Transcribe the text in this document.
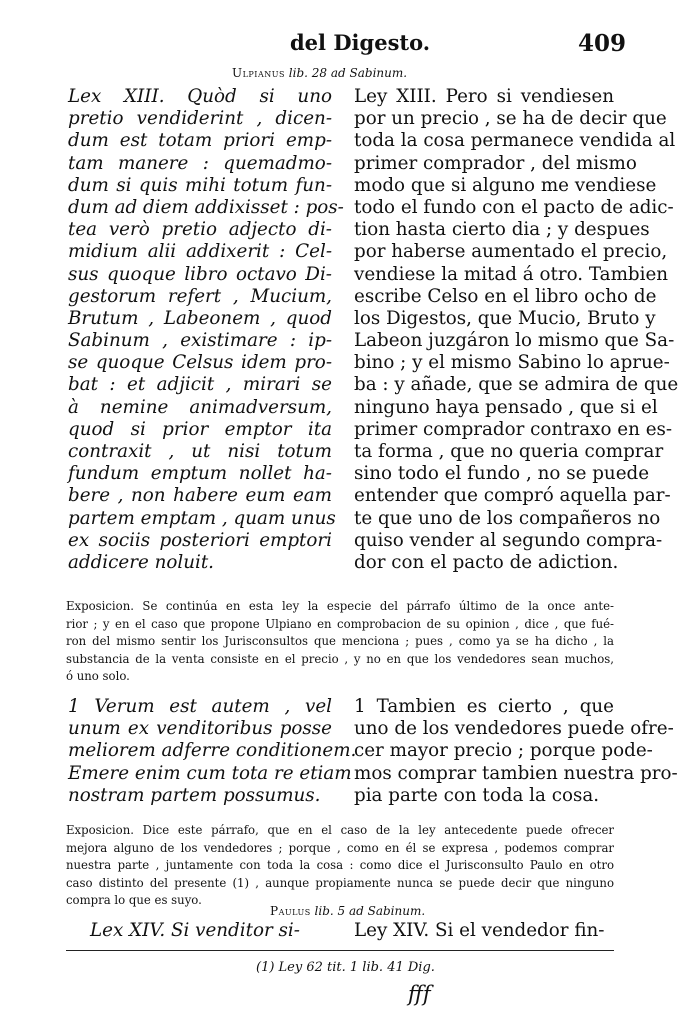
del Digesto.	409
Ulpianus lib. 28 ad Sabinum.
Lex XIII. Quòd si uno
pretio vendiderint , dicen-
dum est totam priori emp-
tam manere : quemadmo-
dum si quis mihi totum fun-
dum ad diem addixisset : pos-
tea verò pretio adjecto di-
midium alii addixerit : Cel-
sus quoque libro octavo Di-
gestorum refert , Mucium,
Brutum , Labeonem , quod
Sabinum , existimare : ip-
se quoque Celsus idem pro-
bat : et adjicit , mirari se
à nemine animadversum,
quod si prior emptor ita
contraxit , ut nisi totum
fundum emptum nollet ha-
bere , non habere eum eam
partem emptam , quam unus
ex sociis posteriori emptori
addicere noluit.
Ley XIII. Pero si vendiesen
por un precio , se ha de decir que
toda la cosa permanece vendida al
primer comprador , del mismo
modo que si alguno me vendiese
todo el fundo con el pacto de adic-
tion hasta cierto dia ; y despues
por haberse aumentado el precio,
vendiese la mitad á otro. Tambien
escribe Celso en el libro ocho de
los Digestos, que Mucio, Bruto y
Labeon juzgáron lo mismo que Sa-
bino ; y el mismo Sabino lo aprue-
ba : y añade, que se admira de que
ninguno haya pensado , que si el
primer comprador contraxo en es-
ta forma , que no queria comprar
sino todo el fundo , no se puede
entender que compró aquella par-
te que uno de los compañeros no
quiso vender al segundo compra-
dor con el pacto de adiction.
Exposicion. Se continúa en esta ley la especie del párrafo último de la once ante-
rior ; y en el caso que propone Ulpiano en comprobacion de su opinion , dice , que fué-
ron del mismo sentir los Jurisconsultos que menciona ; pues , como ya se ha dicho , la
substancia de la venta consiste en el precio , y no en que los vendedores sean muchos,
ó uno solo.
1 Verum est autem , vel
unum ex venditoribus posse
meliorem adferre conditionem.
Emere enim cum tota re etiam
nostram partem possumus.
1 Tambien es cierto , que
uno de los vendedores puede ofre-
cer mayor precio ; porque pode-
mos comprar tambien nuestra pro-
pia parte con toda la cosa.
Exposicion. Dice este párrafo, que en el caso de la ley antecedente puede ofrecer
mejora alguno de los vendedores ; porque , como en él se expresa , podemos comprar
nuestra parte , juntamente con toda la cosa : como dice el Jurisconsulto Paulo en otro
caso distinto del presente (1) , aunque propiamente nunca se puede decir que ninguno
compra lo que es suyo.
Paulus lib. 5 ad Sabinum.
Lex XIV. Si venditor si-	Ley XIV. Si el vendedor fin-
(1) Ley 62 tit. 1 lib. 41 Dig.
fff
